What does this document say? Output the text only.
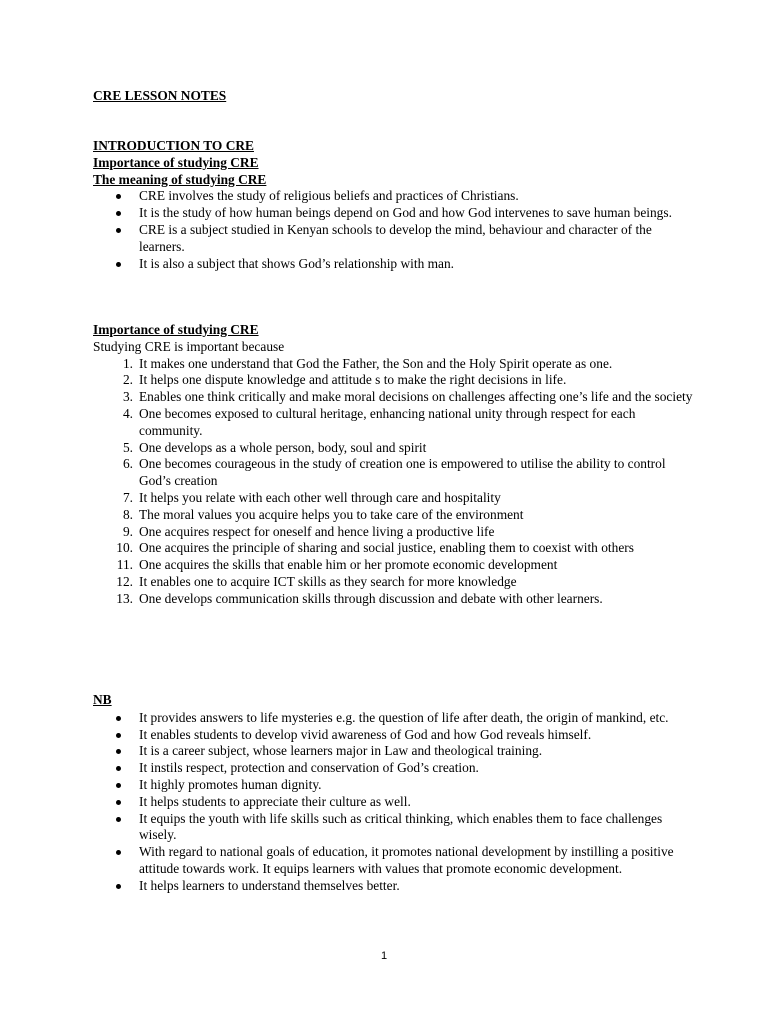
CRE LESSON NOTES
INTRODUCTION TO CRE
Importance of studying CRE
The meaning of studying CRE
CRE involves the study of religious beliefs and practices of Christians.
It is the study of how human beings depend on God and how God intervenes to save human beings.
CRE is a subject studied in Kenyan schools to develop the mind, behaviour and character of the learners.
It is also a subject that shows God’s relationship with man.
Importance of studying CRE
Studying CRE is important because
1. It makes one understand that God the Father, the Son and the Holy Spirit operate as one.
2. It helps one dispute knowledge and attitude s to make the right decisions in life.
3. Enables one think critically and make moral decisions on challenges affecting one’s life and the society
4. One becomes exposed to cultural heritage, enhancing national unity through respect for each community.
5. One develops as a whole person, body, soul and spirit
6. One becomes courageous in the study of creation one is empowered to utilise the ability to control God’s creation
7. It helps you relate with each other well through care and hospitality
8. The moral values you acquire helps you to take care of the environment
9. One acquires respect for oneself and hence living a productive life
10. One acquires the principle of sharing and social justice, enabling them to coexist with others
11. One acquires the skills that enable him or her promote economic development
12. It enables one to acquire ICT skills as they search for more knowledge
13. One develops communication skills through discussion and debate with other learners.
NB
It provides answers to life mysteries e.g. the question of life after death, the origin of mankind, etc.
It enables students to develop vivid awareness of God and how God reveals himself.
It is a career subject, whose learners major in Law and theological training.
It instils respect, protection and conservation of God’s creation.
It highly promotes human dignity.
It helps students to appreciate their culture as well.
It equips the youth with life skills such as critical thinking, which enables them to face challenges wisely.
With regard to national goals of education, it promotes national development by instilling a positive attitude towards work. It equips learners with values that promote economic development.
It helps learners to understand themselves better.
1
